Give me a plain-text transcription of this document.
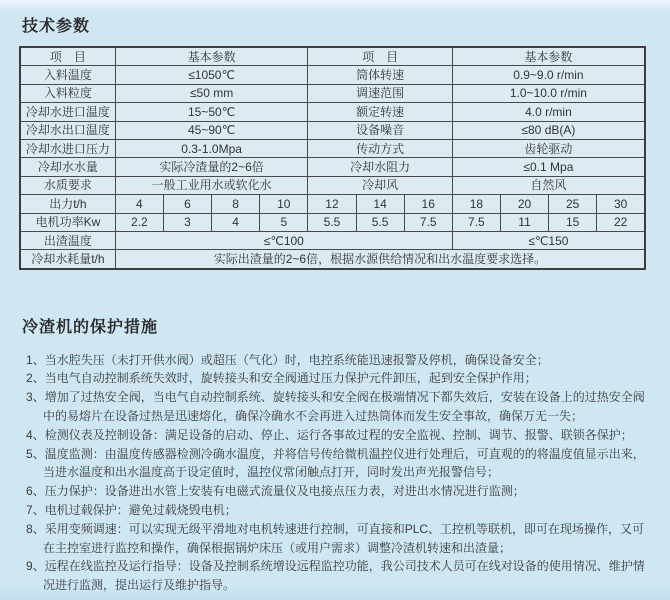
技术参数
项　目	基本参数				项　目			基本参数			
入料温度	≤1050℃				筒体转速			0.9~9.0 r/min			
入料粒度	≤50 mm				调速范围			1.0~10.0 r/min			
冷却水进口温度	15~50℃				额定转速			4.0 r/min			
冷却水出口温度	45~90℃				设备噪音			≤80 dB(A)			
冷却水进口压力	0.3-1.0Mpa				传动方式			齿轮驱动			
冷却水水量	实际冷渣量的2~6倍				冷却水阻力			≤0.1 Mpa			
水质要求	一般工业用水或软化水				冷却风			自然风			
出力t/h	4	6	8	10	12	14	16	18	20	25	30
电机功率Kw	2.2	3	4	5	5.5	5.5	7.5	7.5	11	15	22
出渣温度	≤℃100							≤℃150			
冷却水耗量t/h	实际出渣量的2~6倍，根据水源供给情况和出水温度要求选择。										
冷渣机的保护措施
1、当水腔失压（未打开供水阀）或超压（气化）时，电控系统能迅速报警及停机，确保设备安全；
2、当电气自动控制系统失效时，旋转接头和安全阀通过压力保护元件卸压，起到安全保护作用；
3、增加了过热安全阀，当电气自动控制系统、旋转接头和安全阀在极端情况下都失效后，安装在设备上的过热安全阀中的易熔片在设备过热是迅速熔化，确保冷确水不会再进入过热筒体而发生安全事故，确保万无一失；
4、检测仪表及控制设备：满足设备的启动、停止、运行各事故过程的安全监视、控制、调节、报警、联锁各保护；
5、温度监测：由温度传感器检测冷确水温度，并将信号传给微机温控仪进行处理后，可直观的的将温度值显示出来，当进水温度和出水温度高于设定值时，温控仪常闭触点打开，同时发出声光报警信号；
6、压力保护：设备进出水管上安装有电磁式流量仪及电接点压力表，对进出水情况进行监测；
7、电机过载保护：避免过载烧毁电机；
8、采用变频调速：可以实现无级平滑地对电机转速进行控制，可直接和PLC、工控机等联机，即可在现场操作，又可在主控室进行监控和操作，确保根据锅炉床压（或用户需求）调整冷渣机转速和出渣量；
9、远程在线监控及运行指导：设备及控制系统增设远程监控功能，我公司技术人员可在线对设备的使用情况、维护情况进行监测，提出运行及维护指导。
